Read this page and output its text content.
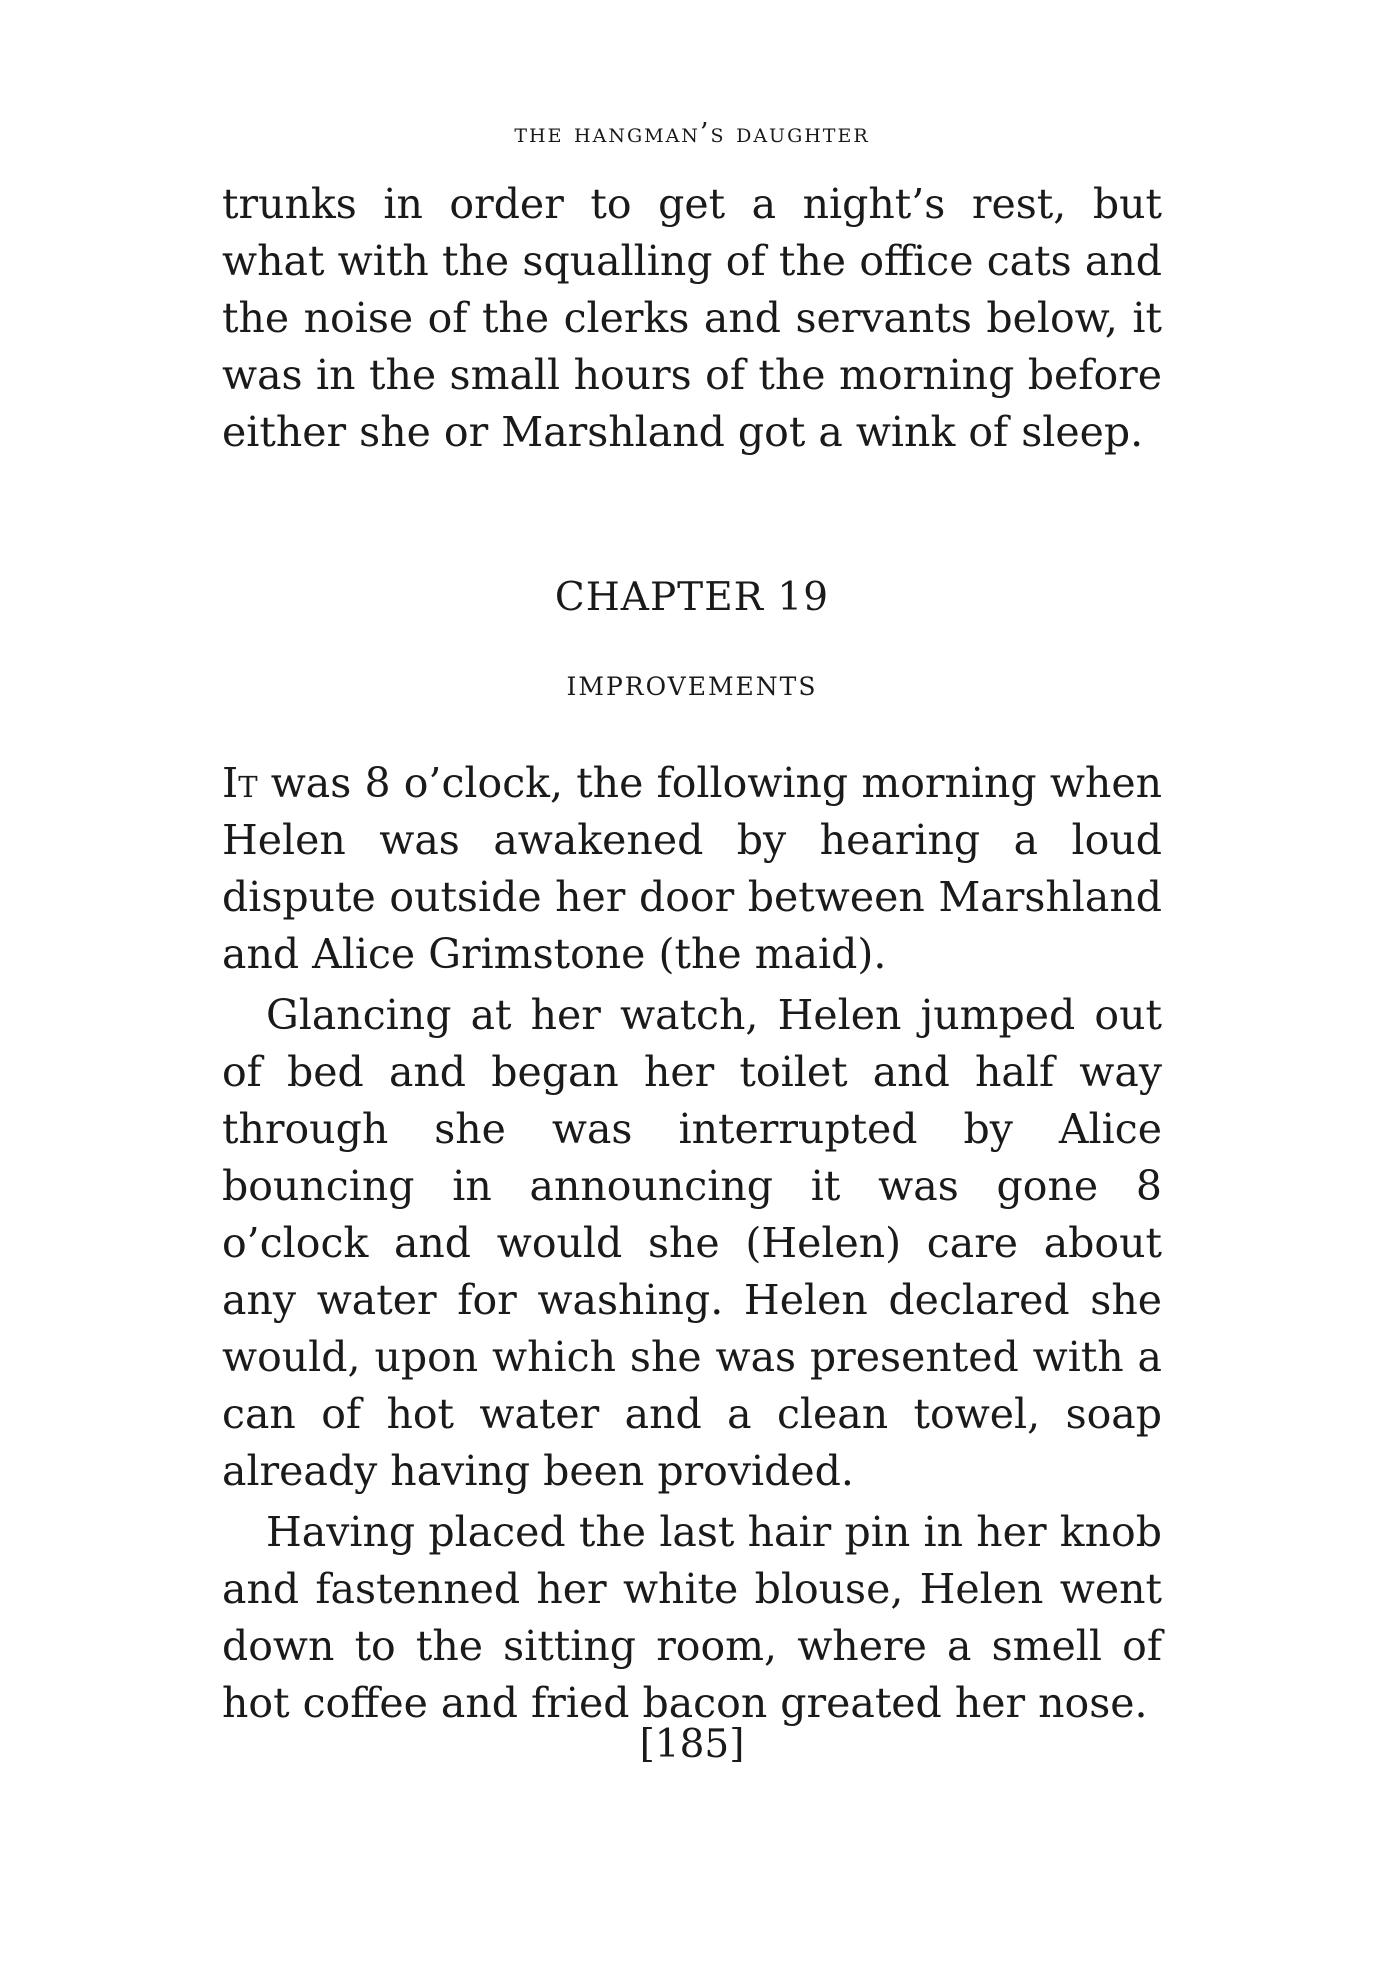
the hangman’s daughter

trunks in order to get a night’s rest, but what with the squalling of the office cats and the noise of the clerks and servants below, it was in the small hours of the morning before either she or Marshland got a wink of sleep.

CHAPTER 19
IMPROVEMENTS

It was 8 o’clock, the following morning when Helen was awakened by hearing a loud dispute outside her door between Marshland and Alice Grimstone (the maid).

Glancing at her watch, Helen jumped out of bed and began her toilet and half way through she was interrupted by Alice bouncing in announcing it was gone 8 o’clock and would she (Helen) care about any water for washing. Helen declared she would, upon which she was presented with a can of hot water and a clean towel, soap already having been provided.

Having placed the last hair pin in her knob and fastenned her white blouse, Helen went down to the sitting room, where a smell of hot coffee and fried bacon greated her nose.

[185]
